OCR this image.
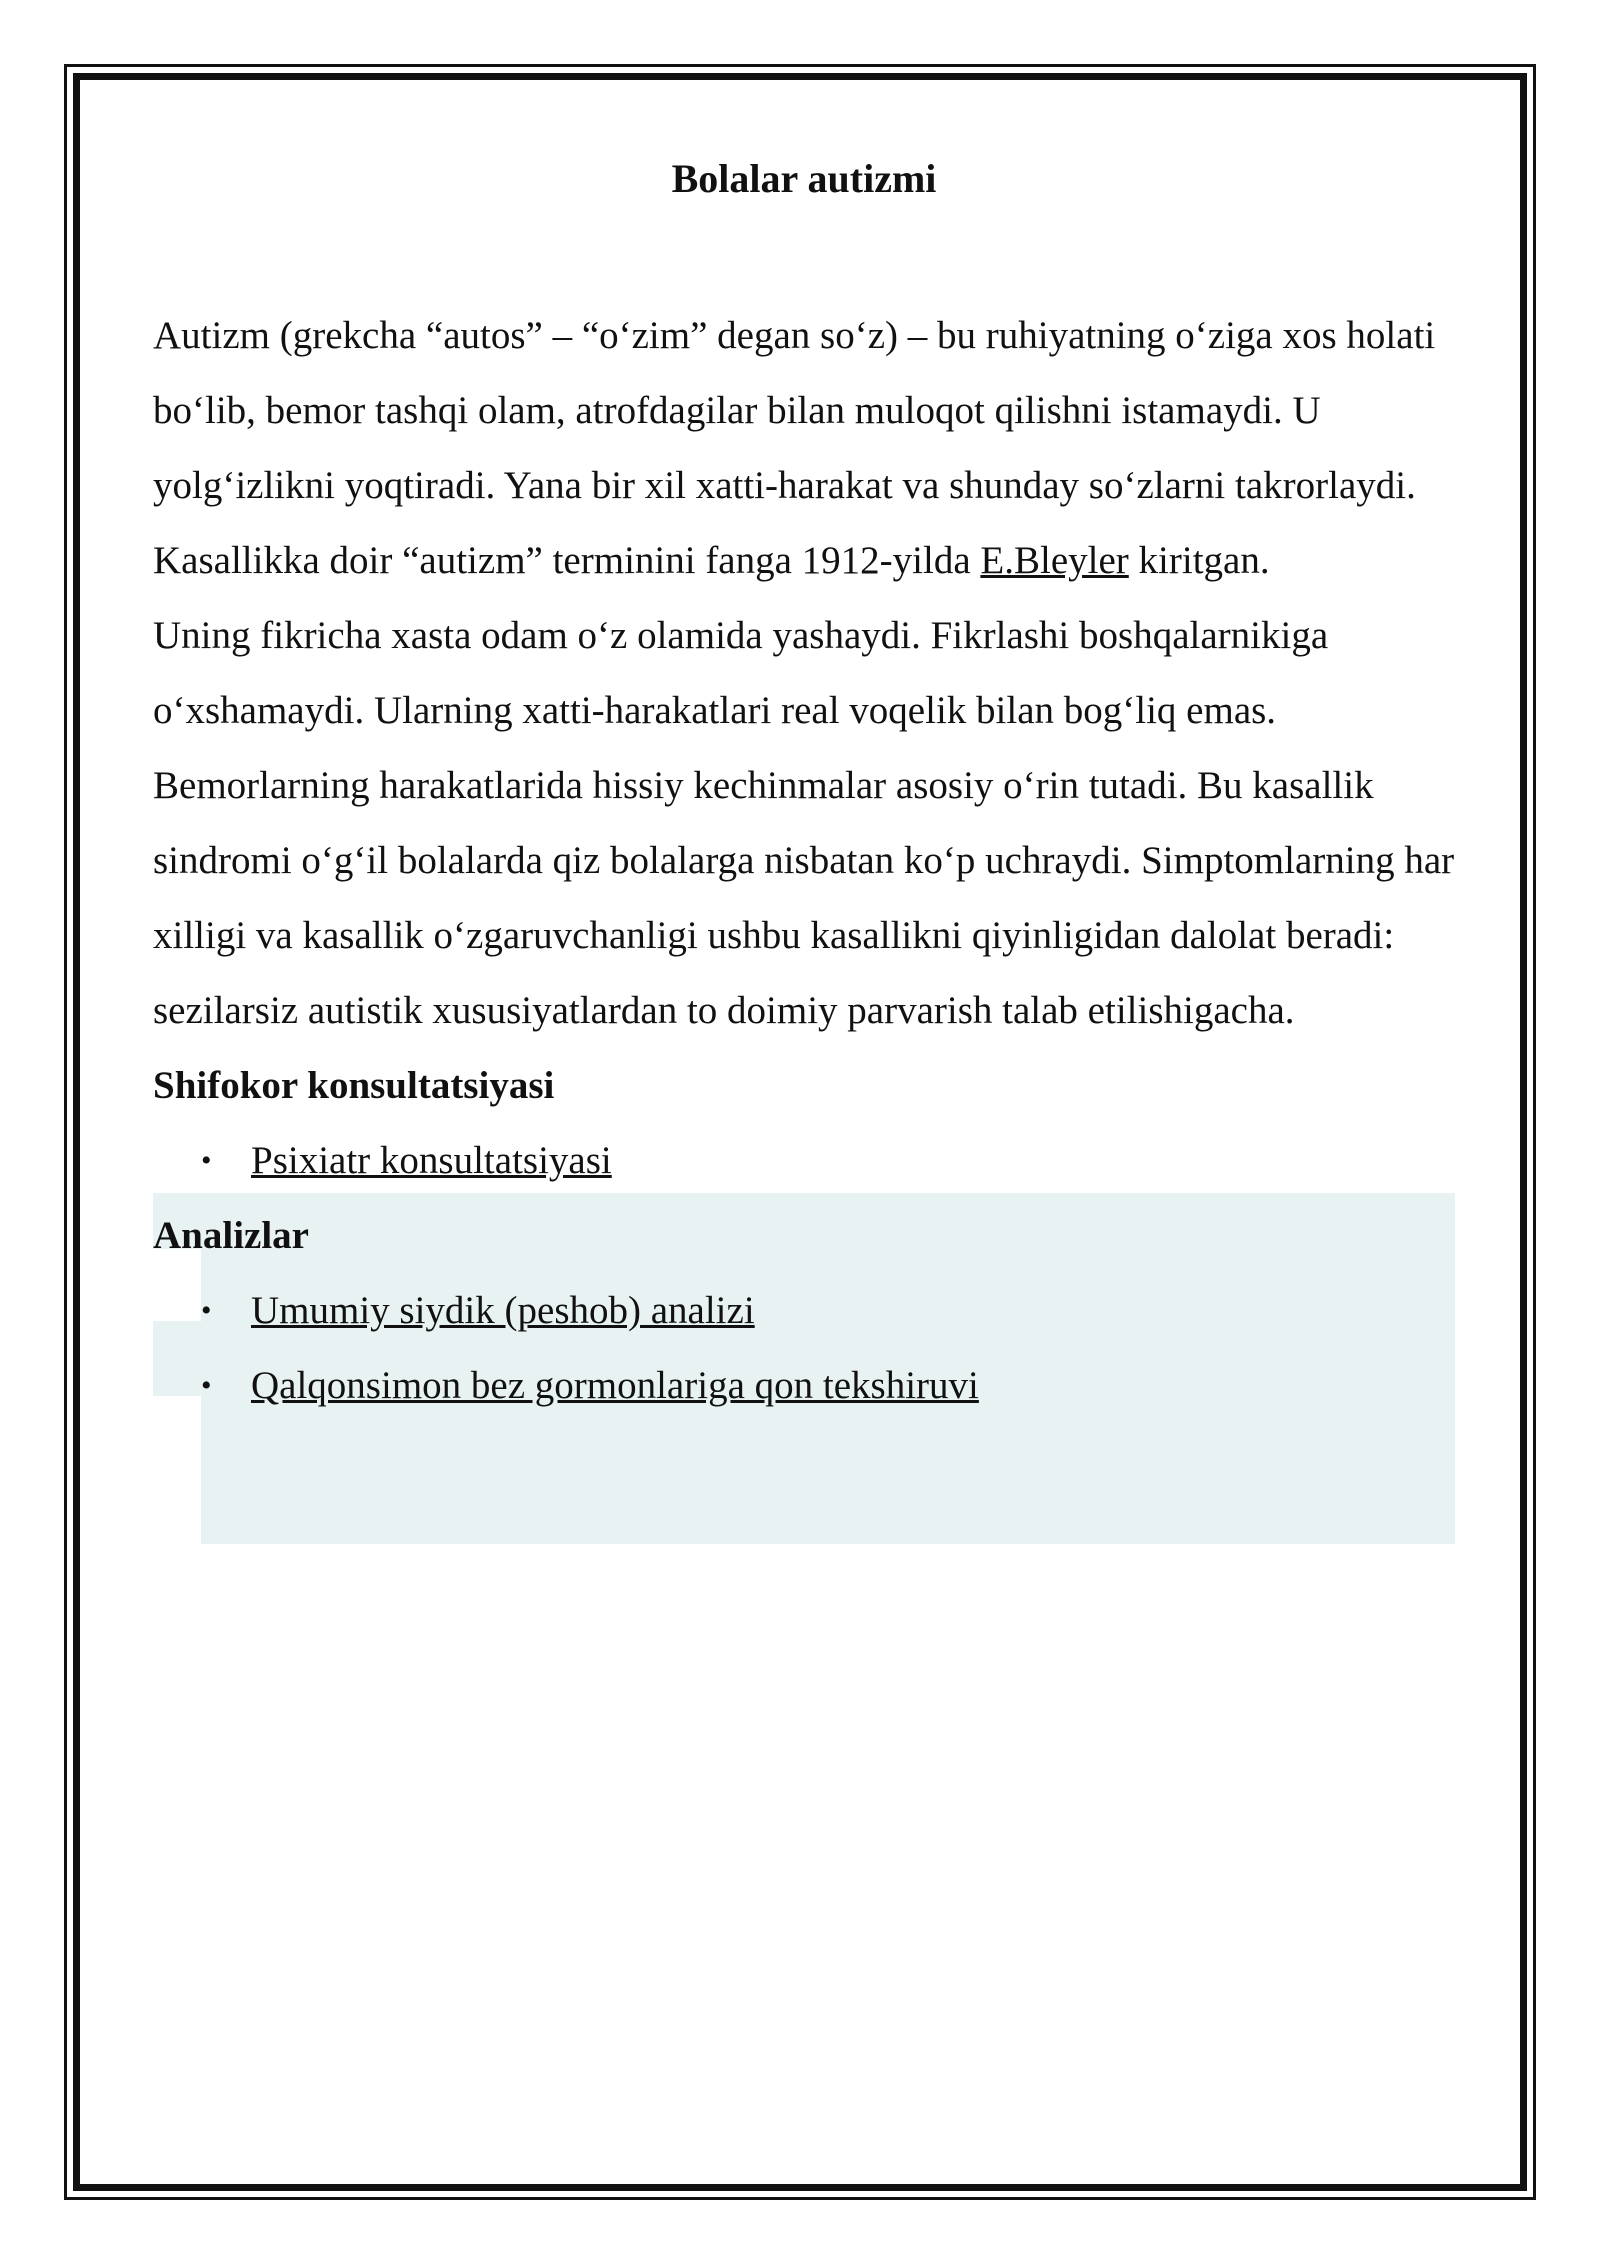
Bolalar autizmi

Autizm (grekcha “autos” – “o‘zim” degan so‘z) – bu ruhiyatning o‘ziga xos holati bo‘lib, bemor tashqi olam, atrofdagilar bilan muloqot qilishni istamaydi. U yolg‘izlikni yoqtiradi. Yana bir xil xatti-harakat va shunday so‘zlarni takrorlaydi. Kasallikka doir “autizm” terminini fanga 1912-yilda E.Bleyler kiritgan.

Uning fikricha xasta odam o‘z olamida yashaydi. Fikrlashi boshqalarnikiga o‘xshamaydi. Ularning xatti-harakatlari real voqelik bilan bog‘liq emas. Bemorlarning harakatlarida hissiy kechinmalar asosiy o‘rin tutadi. Bu kasallik sindromi o‘g‘il bolalarda qiz bolalarga nisbatan ko‘p uchraydi. Simptomlarning har xilligi va kasallik o‘zgaruvchanligi ushbu kasallikni qiyinligidan dalolat beradi: sezilarsiz autistik xususiyatlardan to doimiy parvarish talab etilishigacha.

Shifokor konsultatsiyasi
• Psixiatr konsultatsiyasi
Analizlar
• Umumiy siydik (peshob) analizi
• Qalqonsimon bez gormonlariga qon tekshiruvi
